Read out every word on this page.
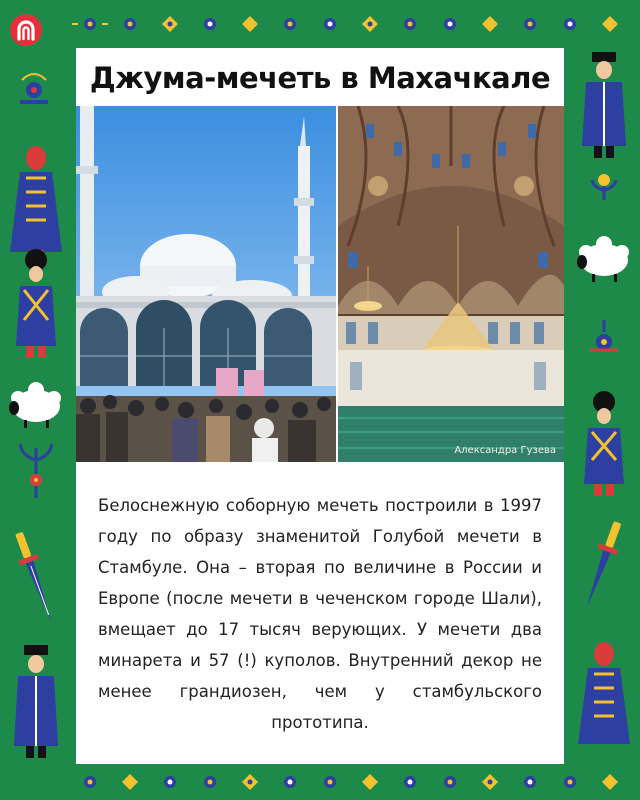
Джума-мечеть в Махачкале
Александра Гузева
Белоснежную соборную мечеть построили в 1997 году по образу знаменитой Голубой мечети в Стамбуле. Она – вторая по величине в России и Европе (после мечети в чеченском городе Шали), вмещает до 17 тысяч верующих. У мечети два минарета и 57 (!) куполов. Внутренний декор не менее грандиозен, чем у стамбульского прототипа.
